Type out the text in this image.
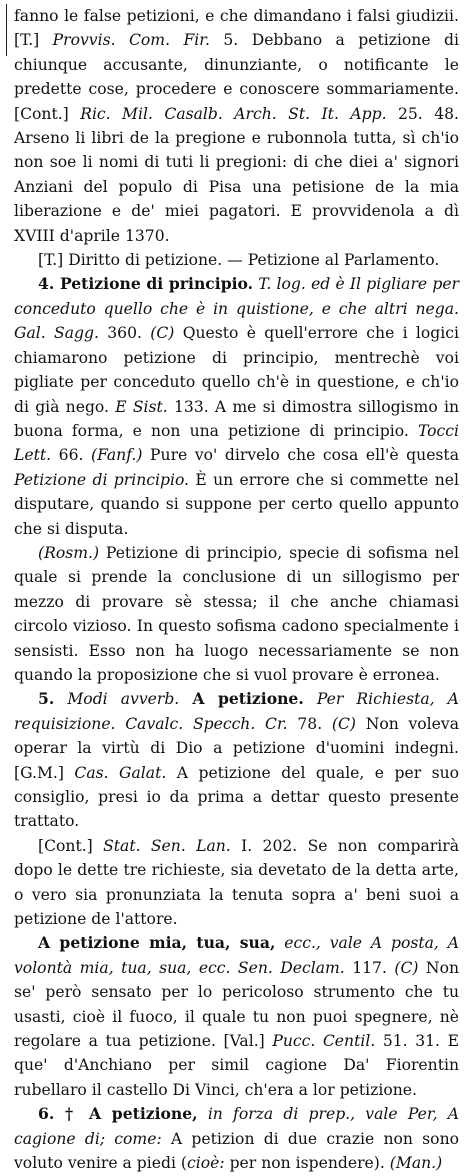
fanno le false petizioni, e che dimandano i falsi giudizii. [T.] Provvis. Com. Fir. 5. Debbano a petizione di chiunque accusante, dinunziante, o notificante le predette cose, procedere e conoscere sommariamente. [Cont.] Ric. Mil. Casalb. Arch. St. It. App. 25. 48. Arseno li libri de la pregione e rubonnola tutta, sì ch'io non soe li nomi di tuti li pregioni: di che diei a' signori Anziani del populo di Pisa una petisione de la mia liberazione e de' miei pagatori. E provvidenola a dì XVIII d'aprile 1370.

[T.] Diritto di petizione. — Petizione al Parlamento.

4. Petizione di principio. T. log. ed è Il pigliare per conceduto quello che è in quistione, e che altri nega. Gal. Sagg. 360. (C) Questo è quell'errore che i logici chiamarono petizione di principio, mentrechè voi pigliate per conceduto quello ch'è in questione, e ch'io di già nego. E Sist. 133. A me si dimostra sillogismo in buona forma, e non una petizione di principio. Tocci Lett. 66. (Fanf.) Pure vo' dirvelo che cosa ell'è questa Petizione di principio. È un errore che si commette nel disputare, quando si suppone per certo quello appunto che si disputa.

(Rosm.) Petizione di principio, specie di sofisma nel quale si prende la conclusione di un sillogismo per mezzo di provare sè stessa; il che anche chiamasi circolo vizioso. In questo sofisma cadono specialmente i sensisti. Esso non ha luogo necessariamente se non quando la proposizione che si vuol provare è erronea.

5. Modi avverb. A petizione. Per Richiesta, A requisizione. Cavalc. Specch. Cr. 78. (C) Non voleva operar la virtù di Dio a petizione d'uomini indegni. [G.M.] Cas. Galat. A petizione del quale, e per suo consiglio, presi io da prima a dettar questo presente trattato.

[Cont.] Stat. Sen. Lan. I. 202. Se non comparirà dopo le dette tre richieste, sia devetato de la detta arte, o vero sia pronunziata la tenuta sopra a' beni suoi a petizione de l'attore.

A petizione mia, tua, sua, ecc., vale A posta, A volontà mia, tua, sua, ecc. Sen. Declam. 117. (C) Non se' però sensato per lo pericoloso strumento che tu usasti, cioè il fuoco, il quale tu non puoi spegnere, nè regolare a tua petizione. [Val.] Pucc. Centil. 51. 31. E que' d'Anchiano per simil cagione Da' Fiorentin rubellaro il castello Di Vinci, ch'era a lor petizione.

6. † A petizione, in forza di prep., vale Per, A cagione di; come: A petizion di due crazie non sono voluto venire a piedi (cioè: per non ispendere). (Man.)
